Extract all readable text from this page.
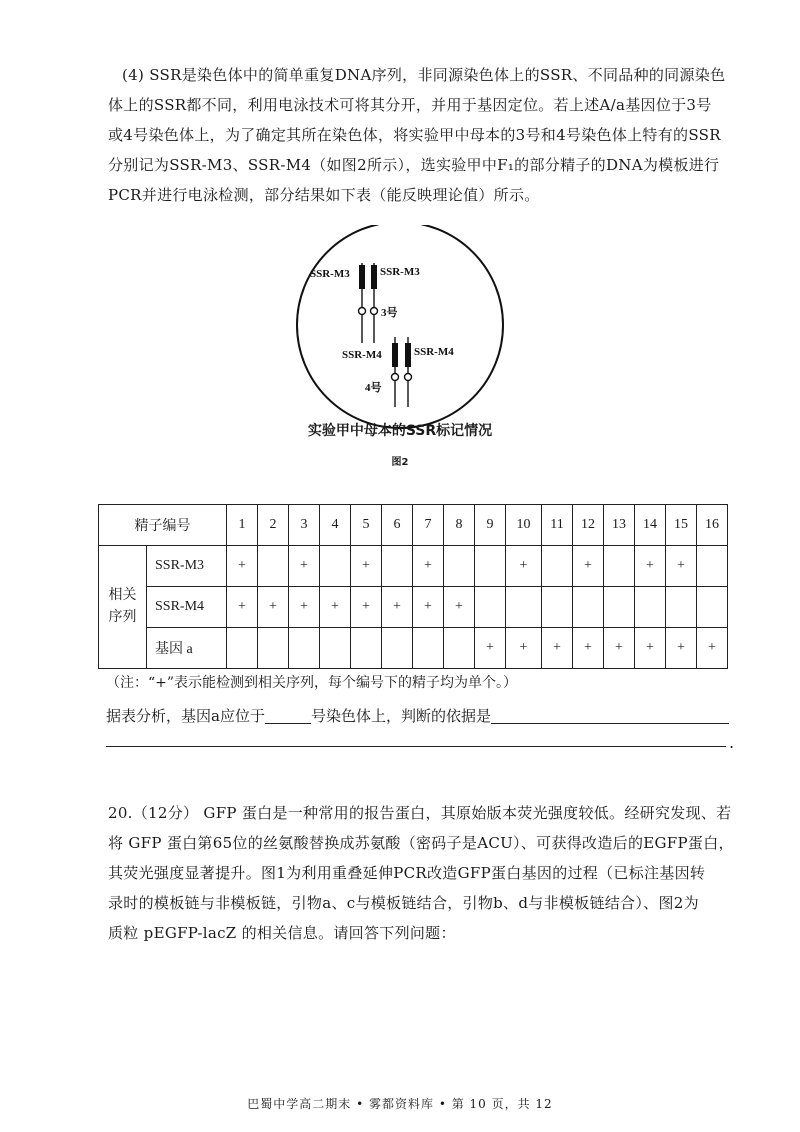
(4) SSR是染色体中的简单重复DNA序列，非同源染色体上的SSR、不同品种的同源染色
体上的SSR都不同，利用电泳技术可将其分开，并用于基因定位。若上述A/a基因位于3号
或4号染色体上，为了确定其所在染色体，将实验甲中母本的3号和4号染色体上特有的SSR
分别记为SSR-M3、SSR-M4（如图2所示），选实验甲中F₁的部分精子的DNA为模板进行
PCR并进行电泳检测，部分结果如下表（能反映理论值）所示。
SSR-M3	SSR-M3
3号
SSR-M4	SSR-M4
4号
实验甲中母本的SSR标记情况
图2
精子编号		1	2	3	4	5	6	7	8	9	10	11	12	13	14	15	16
相关
序列	SSR-M3	+		+		+		+			+		+		+	+	
	SSR-M4	+	+	+	+	+	+	+	+								
	基因 a									+	+	+	+	+	+	+	+
（注：“+”表示能检测到相关序列，每个编号下的精子均为单个。）
据表分析，基因a应位于	号染色体上，判断的依据是
.
20.（12分） GFP 蛋白是一种常用的报告蛋白，其原始版本荧光强度较低。经研究发现、若
将 GFP 蛋白第65位的丝氨酸替换成苏氨酸（密码子是ACU）、可获得改造后的EGFP蛋白，
其荧光强度显著提升。图1为利用重叠延伸PCR改造GFP蛋白基因的过程（已标注基因转
录时的模板链与非模板链，引物a、c与模板链结合，引物b、d与非模板链结合）、图2为
质粒 pEGFP-lacZ 的相关信息。请回答下列问题：
巴蜀中学高二期末 • 雾都资料库 • 第 10 页，共 12
